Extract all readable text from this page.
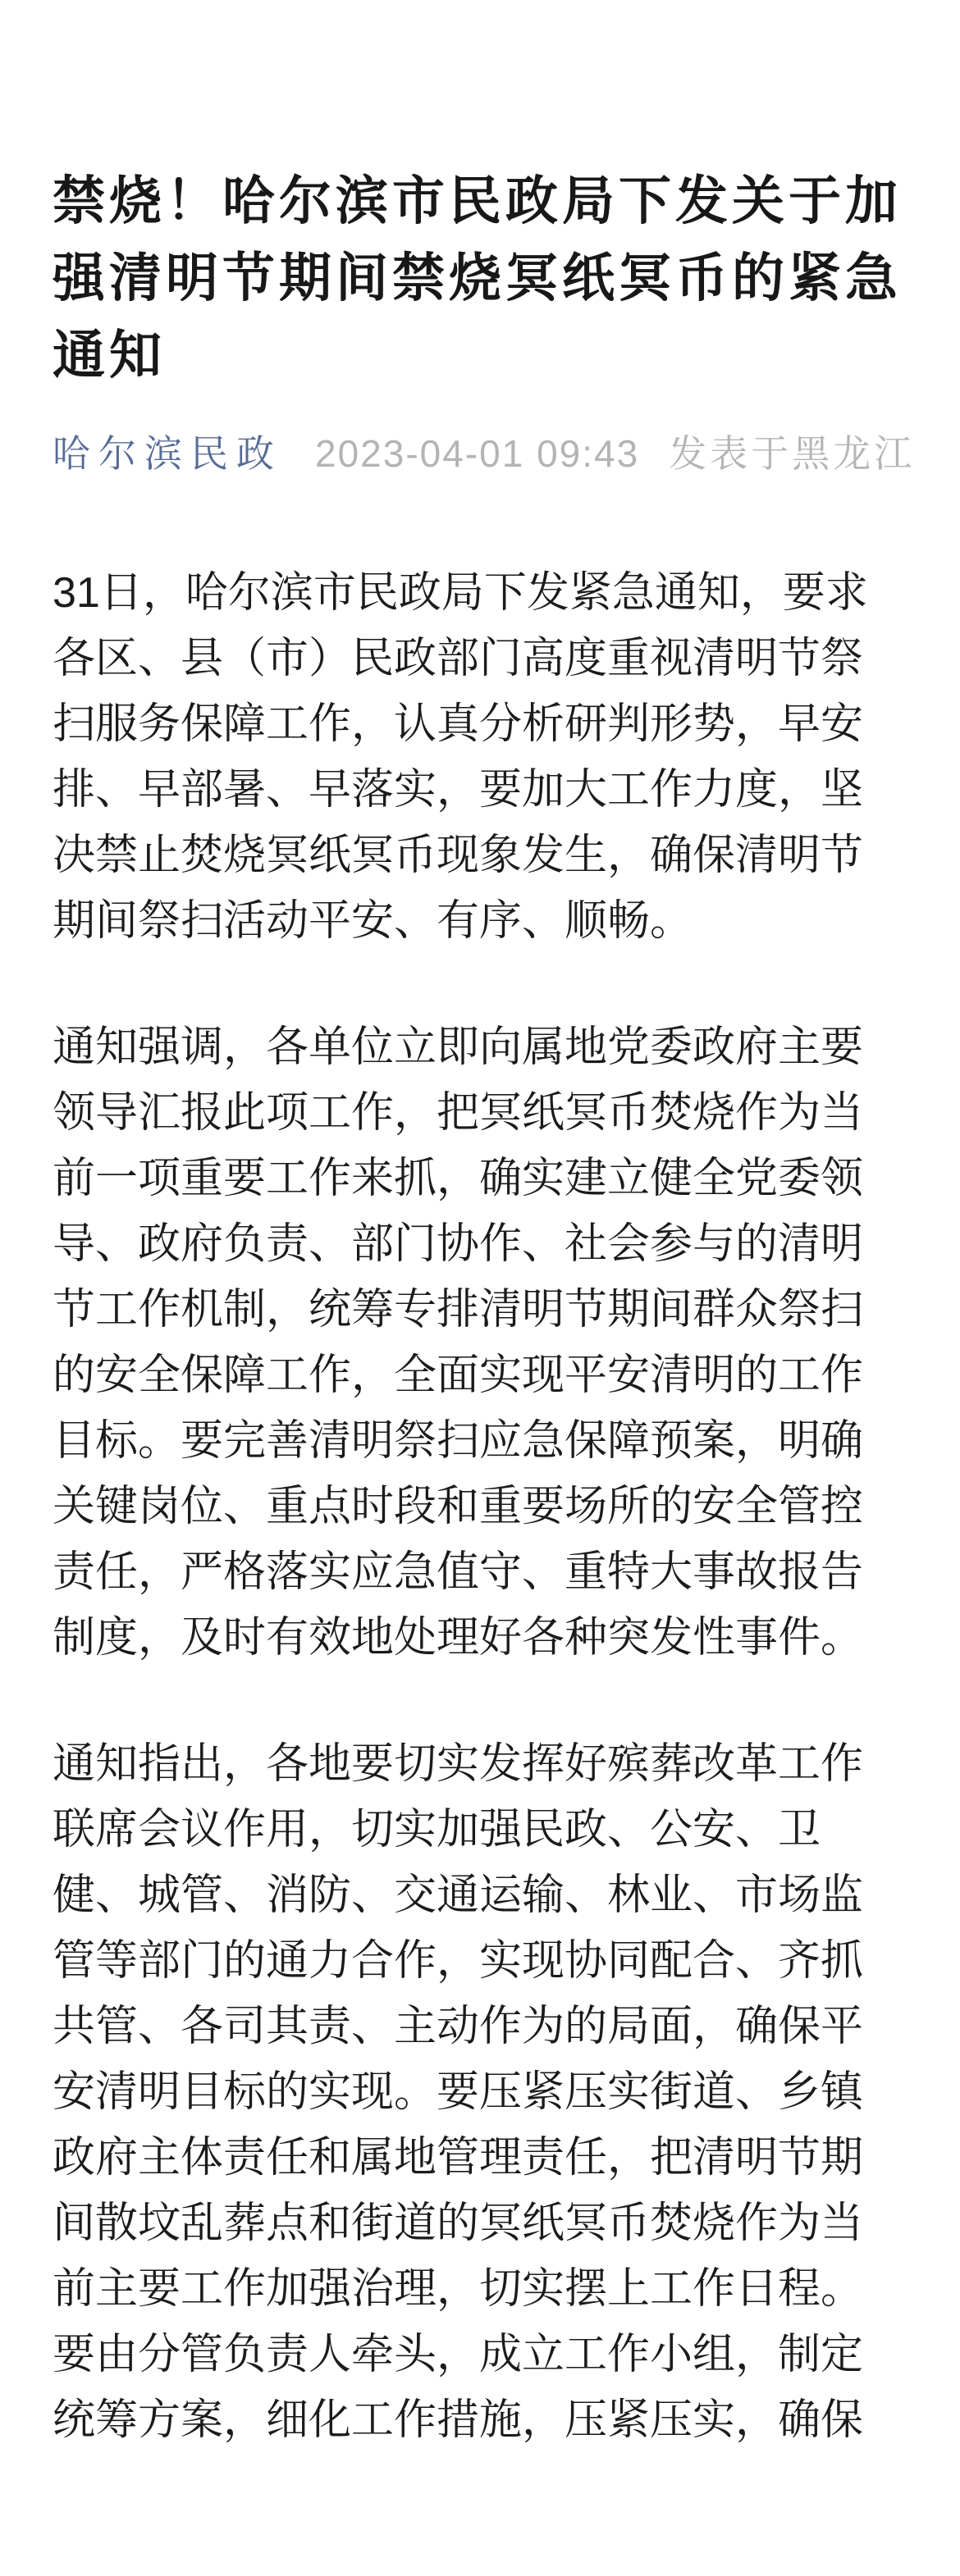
禁烧！哈尔滨市民政局下发关于加
强清明节期间禁烧冥纸冥币的紧急
通知
哈尔滨民政 2023-04-01 09:43 发表于黑龙江

31日，哈尔滨市民政局下发紧急通知，要求
各区、县（市）民政部门高度重视清明节祭
扫服务保障工作，认真分析研判形势，早安
排、早部暑、早落实，要加大工作力度，坚
决禁止焚烧冥纸冥币现象发生，确保清明节
期间祭扫活动平安、有序、顺畅。

通知强调，各单位立即向属地党委政府主要
领导汇报此项工作，把冥纸冥币焚烧作为当
前一项重要工作来抓，确实建立健全党委领
导、政府负责、部门协作、社会参与的清明
节工作机制，统筹专排清明节期间群众祭扫
的安全保障工作，全面实现平安清明的工作
目标。要完善清明祭扫应急保障预案，明确
关键岗位、重点时段和重要场所的安全管控
责任，严格落实应急值守、重特大事故报告
制度，及时有效地处理好各种突发性事件。

通知指出，各地要切实发挥好殡葬改革工作
联席会议作用，切实加强民政、公安、卫
健、城管、消防、交通运输、林业、市场监
管等部门的通力合作，实现协同配合、齐抓
共管、各司其责、主动作为的局面，确保平
安清明目标的实现。要压紧压实街道、乡镇
政府主体责任和属地管理责任，把清明节期
间散坟乱葬点和街道的冥纸冥币焚烧作为当
前主要工作加强治理，切实摆上工作日程。
要由分管负责人牵头，成立工作小组，制定
统筹方案，细化工作措施，压紧压实，确保
